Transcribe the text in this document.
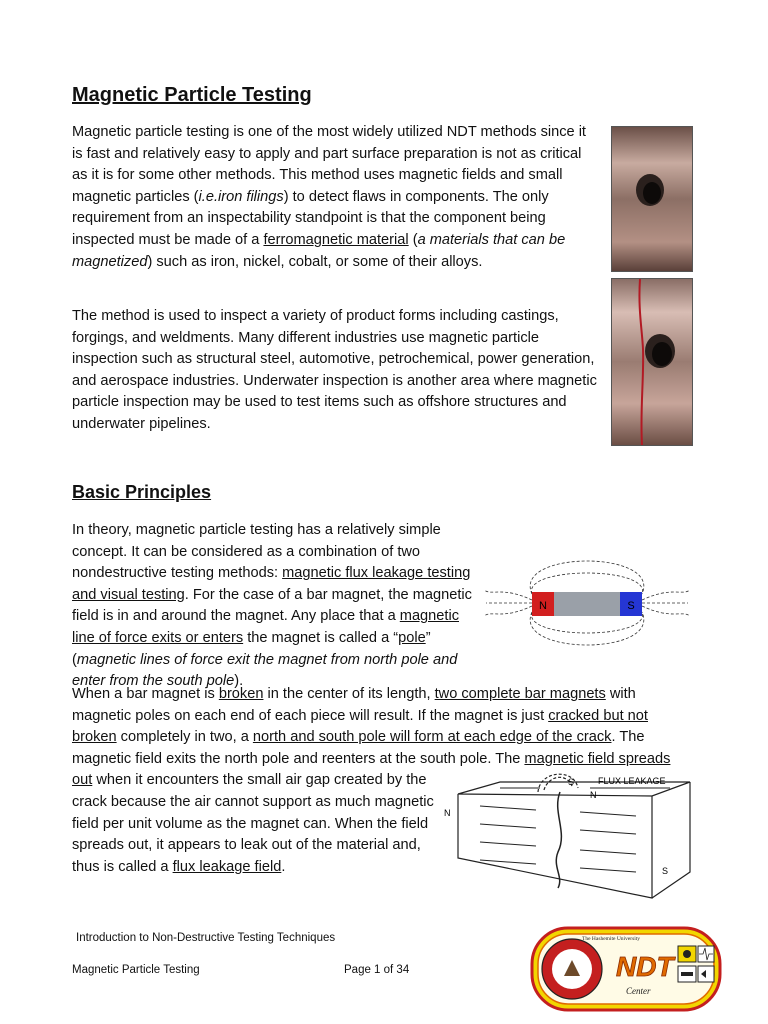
Magnetic Particle Testing
Magnetic particle testing is one of the most widely utilized NDT methods since it is fast and relatively easy to apply and part surface preparation is not as critical as it is for some other methods. This method uses magnetic fields and small magnetic particles (i.e.iron filings) to detect flaws in components. The only requirement from an inspectability standpoint is that the component being inspected must be made of a ferromagnetic material (a materials that can be magnetized) such as iron, nickel, cobalt, or some of their alloys.
The method is used to inspect a variety of product forms including castings, forgings, and weldments. Many different industries use magnetic particle inspection such as structural steel, automotive, petrochemical, power generation, and aerospace industries. Underwater inspection is another area where magnetic particle inspection may be used to test items such as offshore structures and underwater pipelines.
Basic Principles
N	S
In theory, magnetic particle testing has a relatively simple concept. It can be considered as a combination of two nondestructive testing methods: magnetic flux leakage testing and visual testing. For the case of a bar magnet, the magnetic field is in and around the magnet. Any place that a magnetic line of force exits or enters the magnet is called a “pole” (magnetic lines of force exit the magnet from north pole and enter from the south pole).
When a bar magnet is broken in the center of its length, two complete bar magnets with magnetic poles on each end of each piece will result. If the magnet is just cracked but not broken completely in two, a north and south pole will form at each edge of the crack. The magnetic field exits the north pole and reenters at the south pole. The
S
N
FLUX LEAKAGE
N
S
magnetic field spreads out when it encounters the small air gap created by the crack because the air cannot support as much magnetic field per unit volume as the magnet can. When the field spreads out, it appears to leak out of the material and, thus is called a flux leakage field.
Introduction to Non-Destructive Testing Techniques
Magnetic Particle Testing	Page 1 of 34
The Hashemite University
NDT
Center
